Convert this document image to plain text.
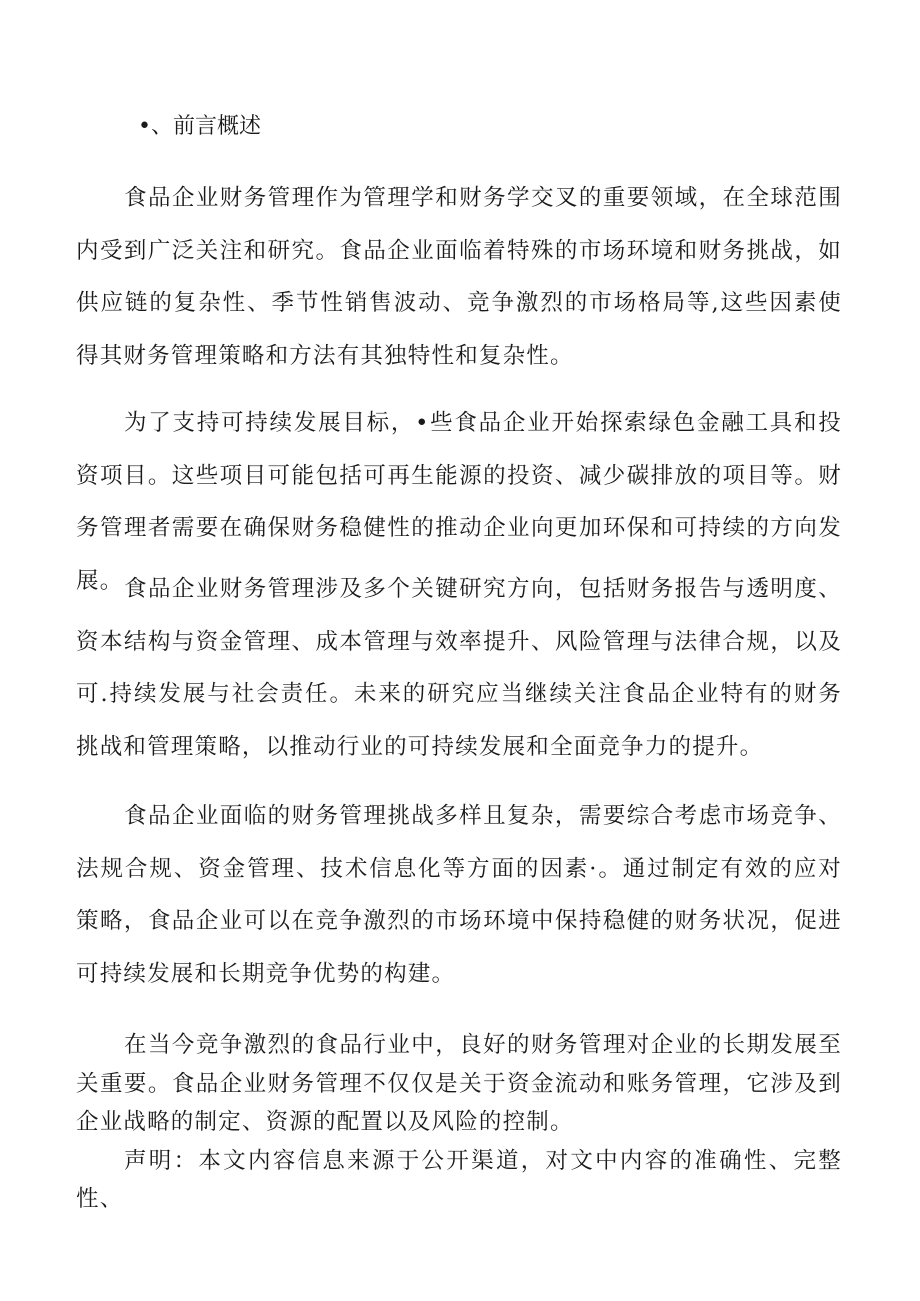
•、前言概述

食品企业财务管理作为管理学和财务学交叉的重要领域，在全球范围内受到广泛关注和研究。食品企业面临着特殊的市场环境和财务挑战，如供应链的复杂性、季节性销售波动、竞争激烈的市场格局等,这些因素使得其财务管理策略和方法有其独特性和复杂性。

为了支持可持续发展目标，•些食品企业开始探索绿色金融工具和投资项目。这些项目可能包括可再生能源的投资、减少碳排放的项目等。财务管理者需要在确保财务稳健性的推动企业向更加环保和可持续的方向发展。 食品企业财务管理涉及多个关键研究方向，包括财务报告与透明度、资本结构与资金管理、成本管理与效率提升、风险管理与法律合规，以及可.持续发展与社会责任。未来的研究应当继续关注食品企业特有的财务挑战和管理策略，以推动行业的可持续发展和全面竞争力的提升。

食品企业面临的财务管理挑战多样且复杂，需要综合考虑市场竞争、法规合规、资金管理、技术信息化等方面的因素·。通过制定有效的应对策略，食品企业可以在竞争激烈的市场环境中保持稳健的财务状况，促进可持续发展和长期竞争优势的构建。

在当今竞争激烈的食品行业中，良好的财务管理对企业的长期发展至关重要。食品企业财务管理不仅仅是关于资金流动和账务管理，它涉及到企业战略的制定、资源的配置以及风险的控制。

声明：本文内容信息来源于公开渠道，对文中内容的准确性、完整性、
